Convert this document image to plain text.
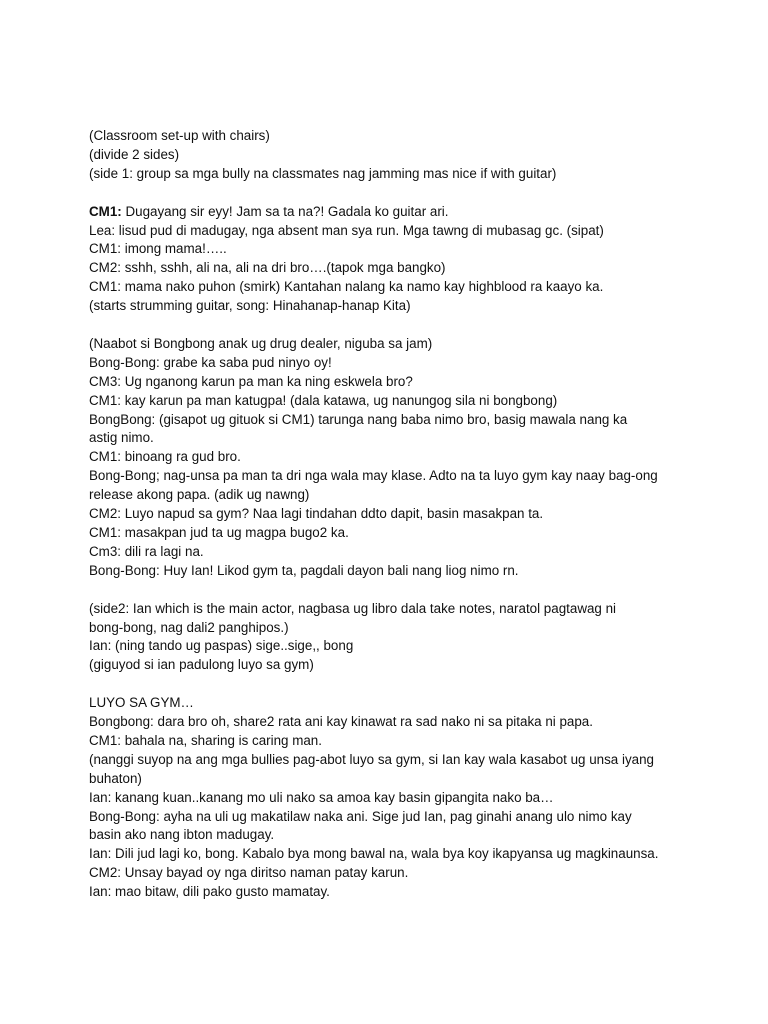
(Classroom set-up with chairs)
(divide 2 sides)
(side 1: group sa mga bully na classmates nag jamming mas nice if with guitar)
CM1: Dugayang sir eyy! Jam sa ta na?! Gadala ko guitar ari.
Lea: lisud pud di madugay, nga absent man sya run. Mga tawng di mubasag gc. (sipat)
CM1: imong mama!…..
CM2: sshh, sshh, ali na, ali na dri bro….(tapok mga bangko)
CM1: mama nako puhon (smirk) Kantahan nalang ka namo kay highblood ra kaayo ka.
(starts strumming guitar, song: Hinahanap-hanap Kita)
(Naabot si Bongbong anak ug drug dealer, niguba sa jam)
Bong-Bong: grabe ka saba pud ninyo oy!
CM3: Ug nganong karun pa man ka ning eskwela bro?
CM1: kay karun pa man katugpa! (dala katawa, ug nanungog sila ni bongbong)
BongBong: (gisapot ug gituok si CM1) tarunga nang baba nimo bro, basig mawala nang ka
astig nimo.
CM1: binoang ra gud bro.
Bong-Bong; nag-unsa pa man ta dri nga wala may klase. Adto na ta luyo gym kay naay bag-ong
release akong papa. (adik ug nawng)
CM2: Luyo napud sa gym? Naa lagi tindahan ddto dapit, basin masakpan ta.
CM1: masakpan jud ta ug magpa bugo2 ka.
Cm3: dili ra lagi na.
Bong-Bong: Huy Ian! Likod gym ta, pagdali dayon bali nang liog nimo rn.
(side2: Ian which is the main actor, nagbasa ug libro dala take notes, naratol pagtawag ni
bong-bong, nag dali2 panghipos.)
Ian: (ning tando ug paspas) sige..sige,, bong
(giguyod si ian padulong luyo sa gym)
LUYO SA GYM…
Bongbong: dara bro oh, share2 rata ani kay kinawat ra sad nako ni sa pitaka ni papa.
CM1: bahala na, sharing is caring man.
(nanggi suyop na ang mga bullies pag-abot luyo sa gym, si Ian kay wala kasabot ug unsa iyang
buhaton)
Ian: kanang kuan..kanang mo uli nako sa amoa kay basin gipangita nako ba…
Bong-Bong: ayha na uli ug makatilaw naka ani. Sige jud Ian, pag ginahi anang ulo nimo kay
basin ako nang ibton madugay.
Ian: Dili jud lagi ko, bong. Kabalo bya mong bawal na, wala bya koy ikapyansa ug magkinaunsa.
CM2: Unsay bayad oy nga diritso naman patay karun.
Ian: mao bitaw, dili pako gusto mamatay.
